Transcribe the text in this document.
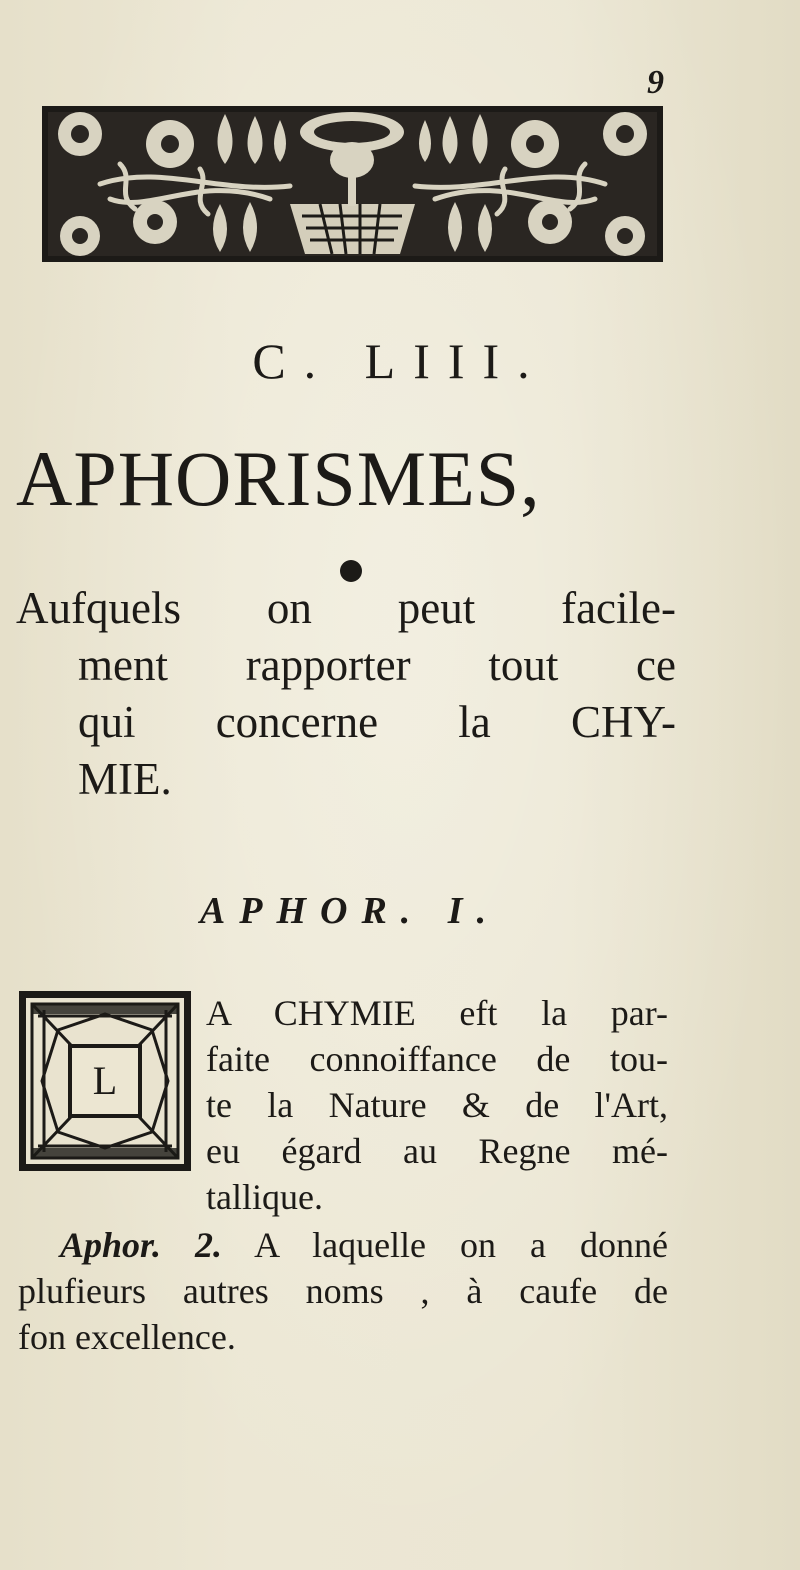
9
C. LIII.
APHORISMES,
Aufquels on peut facile-
ment rapporter tout ce
qui concerne la CHY-
MIE.
APHOR. I.
L
A CHYMIE eft la par-
faite connoiffance de tou-
te la Nature & de l'Art,
eu égard au Regne mé-
tallique.
Aphor. 2. A laquelle on a donné
plufieurs autres noms , à caufe de
fon excellence.
